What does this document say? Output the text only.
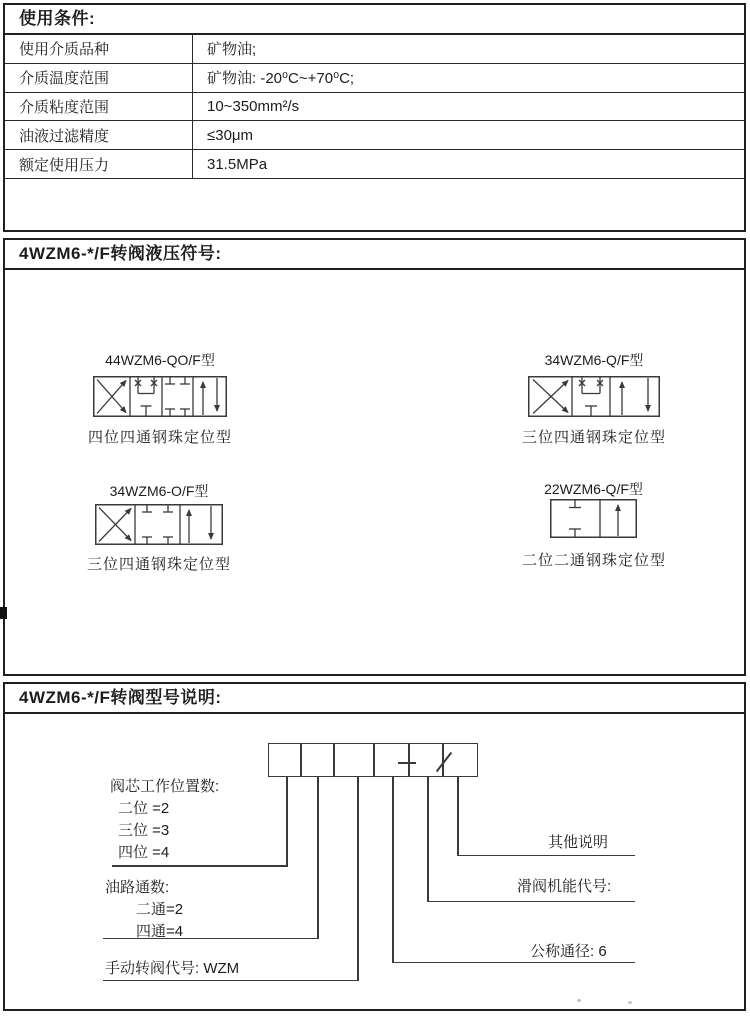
使用条件:
使用介质品种	矿物油;
介质温度范围	矿物油: -20⁰C~+70⁰C;
介质粘度范围	10~350mm²/s
油液过滤精度	≤30μm
额定使用压力	31.5MPa
4WZM6-*/F转阀液压符号:
44WZM6-QO/F型
四位四通钢珠定位型
34WZM6-Q/F型
三位四通钢珠定位型
34WZM6-O/F型
三位四通钢珠定位型
22WZM6-Q/F型
二位二通钢珠定位型
4WZM6-*/F转阀型号说明:
阀芯工作位置数:
二位 =2
三位 =3
四位 =4
油路通数:
二通=2
四通=4
手动转阀代号: WZM
其他说明
滑阀机能代号:
公称通径: 6
